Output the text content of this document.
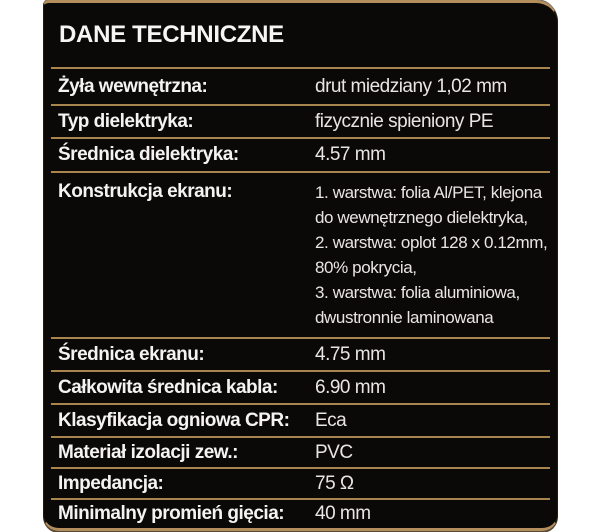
DANE TECHNICZNE
Żyła wewnętrzna:	drut miedziany 1,02 mm
Typ dielektryka:	fizycznie spieniony PE
Średnica dielektryka:	4.57 mm
Konstrukcja ekranu:	1. warstwa: folia Al/PET, klejona
do wewnętrznego dielektryka,
2. warstwa: oplot 128 x 0.12mm,
80% pokrycia,
3. warstwa: folia aluminiowa,
dwustronnie laminowana
Średnica ekranu:	4.75 mm
Całkowita średnica kabla:	6.90 mm
Klasyfikacja ogniowa CPR:	Eca
Materiał izolacji zew.:	PVC
Impedancja:	75 Ω
Minimalny promień gięcia:	40 mm
